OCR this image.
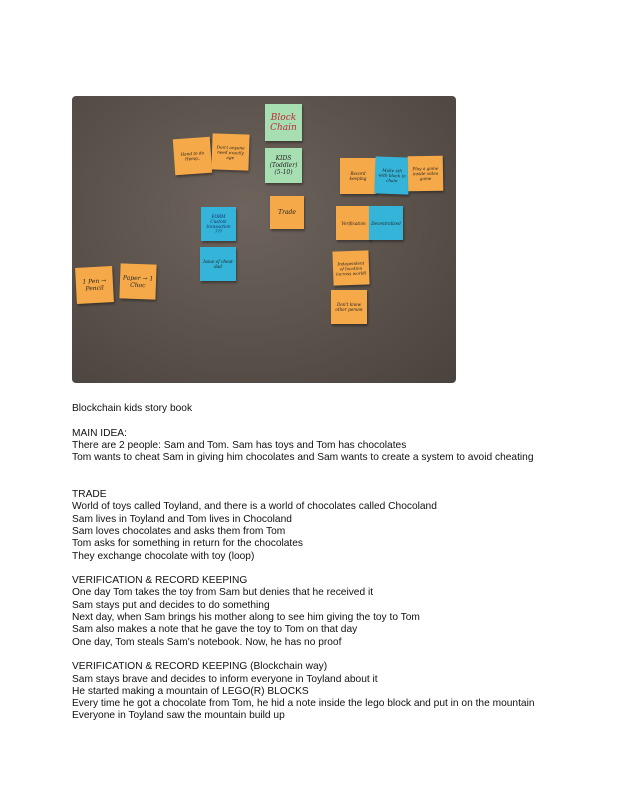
Block Chain
KIDS (Toddler) (5-10)
Hand to do Hemp..
Don't anyone need exactly age
Trade
FORM Custom transaction ???
Issue of cheat dad
Record keeping
Make sth with block in chain
Play a game inside video game
Verification	Decentralized
Independent of location (across world)
Don't know other person
1 Pen → Pencil
Paper → 1 Choc
Blockchain kids story book
MAIN IDEA:
There are 2 people: Sam and Tom. Sam has toys and Tom has chocolates
Tom wants to cheat Sam in giving him chocolates and Sam wants to create a system to avoid cheating
TRADE
World of toys called Toyland, and there is a world of chocolates called Chocoland
Sam lives in Toyland and Tom lives in Chocoland
Sam loves chocolates and asks them from Tom
Tom asks for something in return for the chocolates
They exchange chocolate with toy (loop)
VERIFICATION & RECORD KEEPING
One day Tom takes the toy from Sam but denies that he received it
Sam stays put and decides to do something
Next day, when Sam brings his mother along to see him giving the toy to Tom
Sam also makes a note that he gave the toy to Tom on that day
One day, Tom steals Sam's notebook. Now, he has no proof
VERIFICATION & RECORD KEEPING (Blockchain way)
Sam stays brave and decides to inform everyone in Toyland about it
He started making a mountain of LEGO(R) BLOCKS
Every time he got a chocolate from Tom, he hid a note inside the lego block and put in on the mountain
Everyone in Toyland saw the mountain build up
